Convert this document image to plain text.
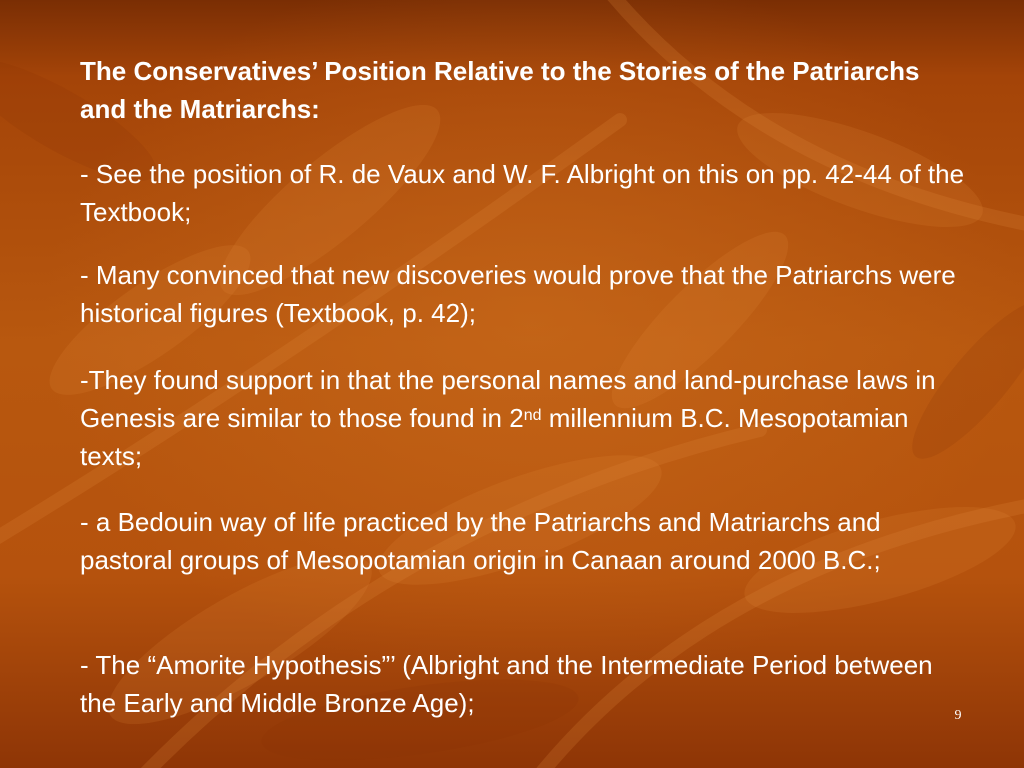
The Conservatives’ Position Relative to the Stories of the Patriarchs and the Matriarchs:

- See the position of R. de Vaux and W. F. Albright on this on pp. 42-44 of the Textbook;

- Many convinced that new discoveries would prove that the Patriarchs were historical figures (Textbook, p. 42);

-They found support in that the personal names and land-purchase laws in Genesis are similar to those found in 2nd millennium B.C. Mesopotamian texts;

- a Bedouin way of life practiced by the Patriarchs and Matriarchs and pastoral groups of Mesopotamian origin in Canaan around 2000 B.C.;

- The “Amorite Hypothesis”’ (Albright and the Intermediate Period between the Early and Middle Bronze Age);	9
